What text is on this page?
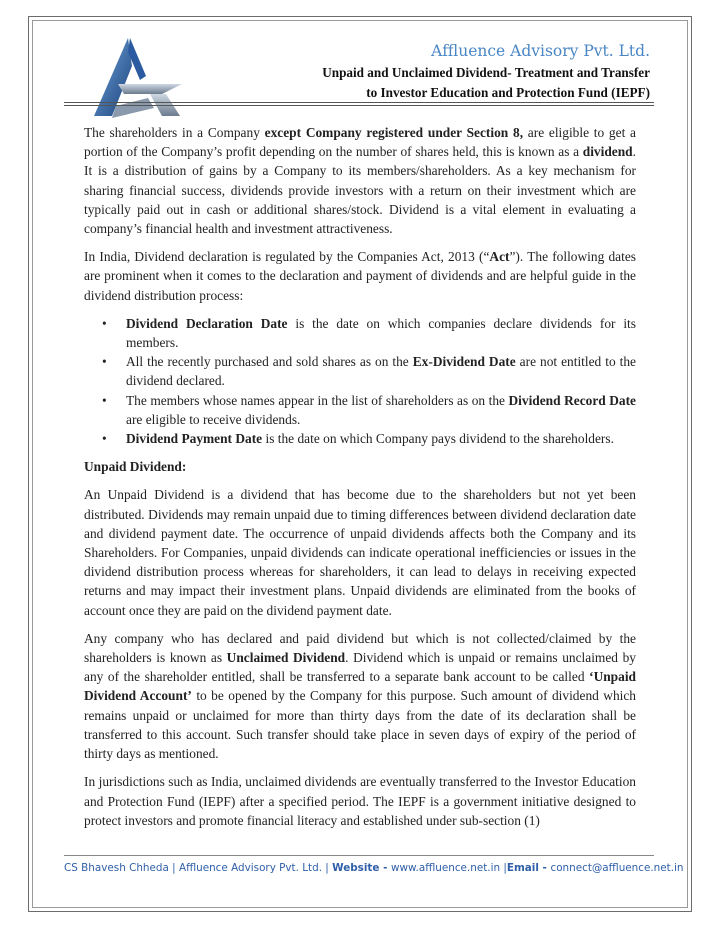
Affluence Advisory Pvt. Ltd.
Unpaid and Unclaimed Dividend- Treatment and Transfer
to Investor Education and Protection Fund (IEPF)

The shareholders in a Company except Company registered under Section 8, are eligible to get a portion of the Company’s profit depending on the number of shares held, this is known as a dividend. It is a distribution of gains by a Company to its members/shareholders. As a key mechanism for sharing financial success, dividends provide investors with a return on their investment which are typically paid out in cash or additional shares/stock. Dividend is a vital element in evaluating a company’s financial health and investment attractiveness.

In India, Dividend declaration is regulated by the Companies Act, 2013 (“Act”). The following dates are prominent when it comes to the declaration and payment of dividends and are helpful guide in the dividend distribution process:

• Dividend Declaration Date is the date on which companies declare dividends for its members.
• All the recently purchased and sold shares as on the Ex-Dividend Date are not entitled to the dividend declared.
• The members whose names appear in the list of shareholders as on the Dividend Record Date are eligible to receive dividends.
• Dividend Payment Date is the date on which Company pays dividend to the shareholders.

Unpaid Dividend:

An Unpaid Dividend is a dividend that has become due to the shareholders but not yet been distributed. Dividends may remain unpaid due to timing differences between dividend declaration date and dividend payment date. The occurrence of unpaid dividends affects both the Company and its Shareholders. For Companies, unpaid dividends can indicate operational inefficiencies or issues in the dividend distribution process whereas for shareholders, it can lead to delays in receiving expected returns and may impact their investment plans. Unpaid dividends are eliminated from the books of account once they are paid on the dividend payment date.

Any company who has declared and paid dividend but which is not collected/claimed by the shareholders is known as Unclaimed Dividend. Dividend which is unpaid or remains unclaimed by any of the shareholder entitled, shall be transferred to a separate bank account to be called ‘Unpaid Dividend Account’ to be opened by the Company for this purpose. Such amount of dividend which remains unpaid or unclaimed for more than thirty days from the date of its declaration shall be transferred to this account. Such transfer should take place in seven days of expiry of the period of thirty days as mentioned.

In jurisdictions such as India, unclaimed dividends are eventually transferred to the Investor Education and Protection Fund (IEPF) after a specified period. The IEPF is a government initiative designed to protect investors and promote financial literacy and established under sub-section (1)

CS Bhavesh Chheda | Affluence Advisory Pvt. Ltd. | Website - www.affluence.net.in |Email - connect@affluence.net.in
